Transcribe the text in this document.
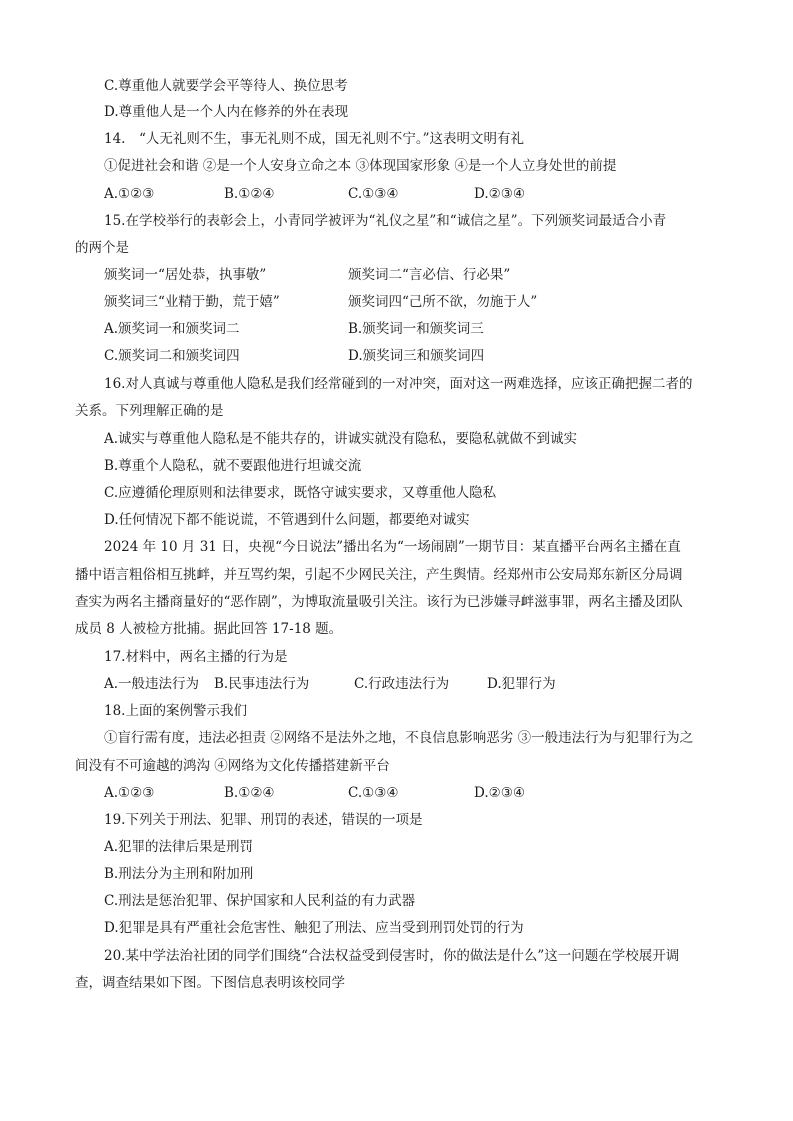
C.尊重他人就要学会平等待人、换位思考
D.尊重他人是一个人内在修养的外在表现
14.　“人无礼则不生，事无礼则不成，国无礼则不宁。”这表明文明有礼
①促进社会和谐 ②是一个人安身立命之本 ③体现国家形象 ④是一个人立身处世的前提
A.①②③	B.①②④	C.①③④	D.②③④
15.在学校举行的表彰会上，小青同学被评为“礼仪之星”和“诚信之星”。下列颁奖词最适合小青
的两个是
颁奖词一“居处恭，执事敬”	颁奖词二“言必信、行必果”
颁奖词三“业精于勤，荒于嬉”	颁奖词四“己所不欲，勿施于人”
A.颁奖词一和颁奖词二	B.颁奖词一和颁奖词三
C.颁奖词二和颁奖词四	D.颁奖词三和颁奖词四
16.对人真诚与尊重他人隐私是我们经常碰到的一对冲突，面对这一两难选择，应该正确把握二者的
关系。下列理解正确的是
A.诚实与尊重他人隐私是不能共存的，讲诚实就没有隐私，要隐私就做不到诚实
B.尊重个人隐私，就不要跟他进行坦诚交流
C.应遵循伦理原则和法律要求，既恪守诚实要求，又尊重他人隐私
D.任何情况下都不能说谎，不管遇到什么问题，都要绝对诚实
2024 年 10 月 31 日，央视“今日说法”播出名为“一场闹剧”一期节目：某直播平台两名主播在直
播中语言粗俗相互挑衅，并互骂约架，引起不少网民关注，产生舆情。经郑州市公安局郑东新区分局调
查实为两名主播商量好的“恶作剧”，为博取流量吸引关注。该行为已涉嫌寻衅滋事罪，两名主播及团队
成员 8 人被检方批捕。据此回答 17-18 题。
17.材料中，两名主播的行为是
A.一般违法行为 B.民事违法行为	C.行政违法行为	D.犯罪行为
18.上面的案例警示我们
①盲行需有度，违法必担责 ②网络不是法外之地，不良信息影响恶劣 ③一般违法行为与犯罪行为之
间没有不可逾越的鸿沟 ④网络为文化传播搭建新平台
A.①②③	B.①②④	C.①③④	D.②③④
19.下列关于刑法、犯罪、刑罚的表述，错误的一项是
A.犯罪的法律后果是刑罚
B.刑法分为主刑和附加刑
C.刑法是惩治犯罪、保护国家和人民利益的有力武器
D.犯罪是具有严重社会危害性、触犯了刑法、应当受到刑罚处罚的行为
20.某中学法治社团的同学们围绕“合法权益受到侵害时，你的做法是什么”这一问题在学校展开调
查，调查结果如下图。下图信息表明该校同学
